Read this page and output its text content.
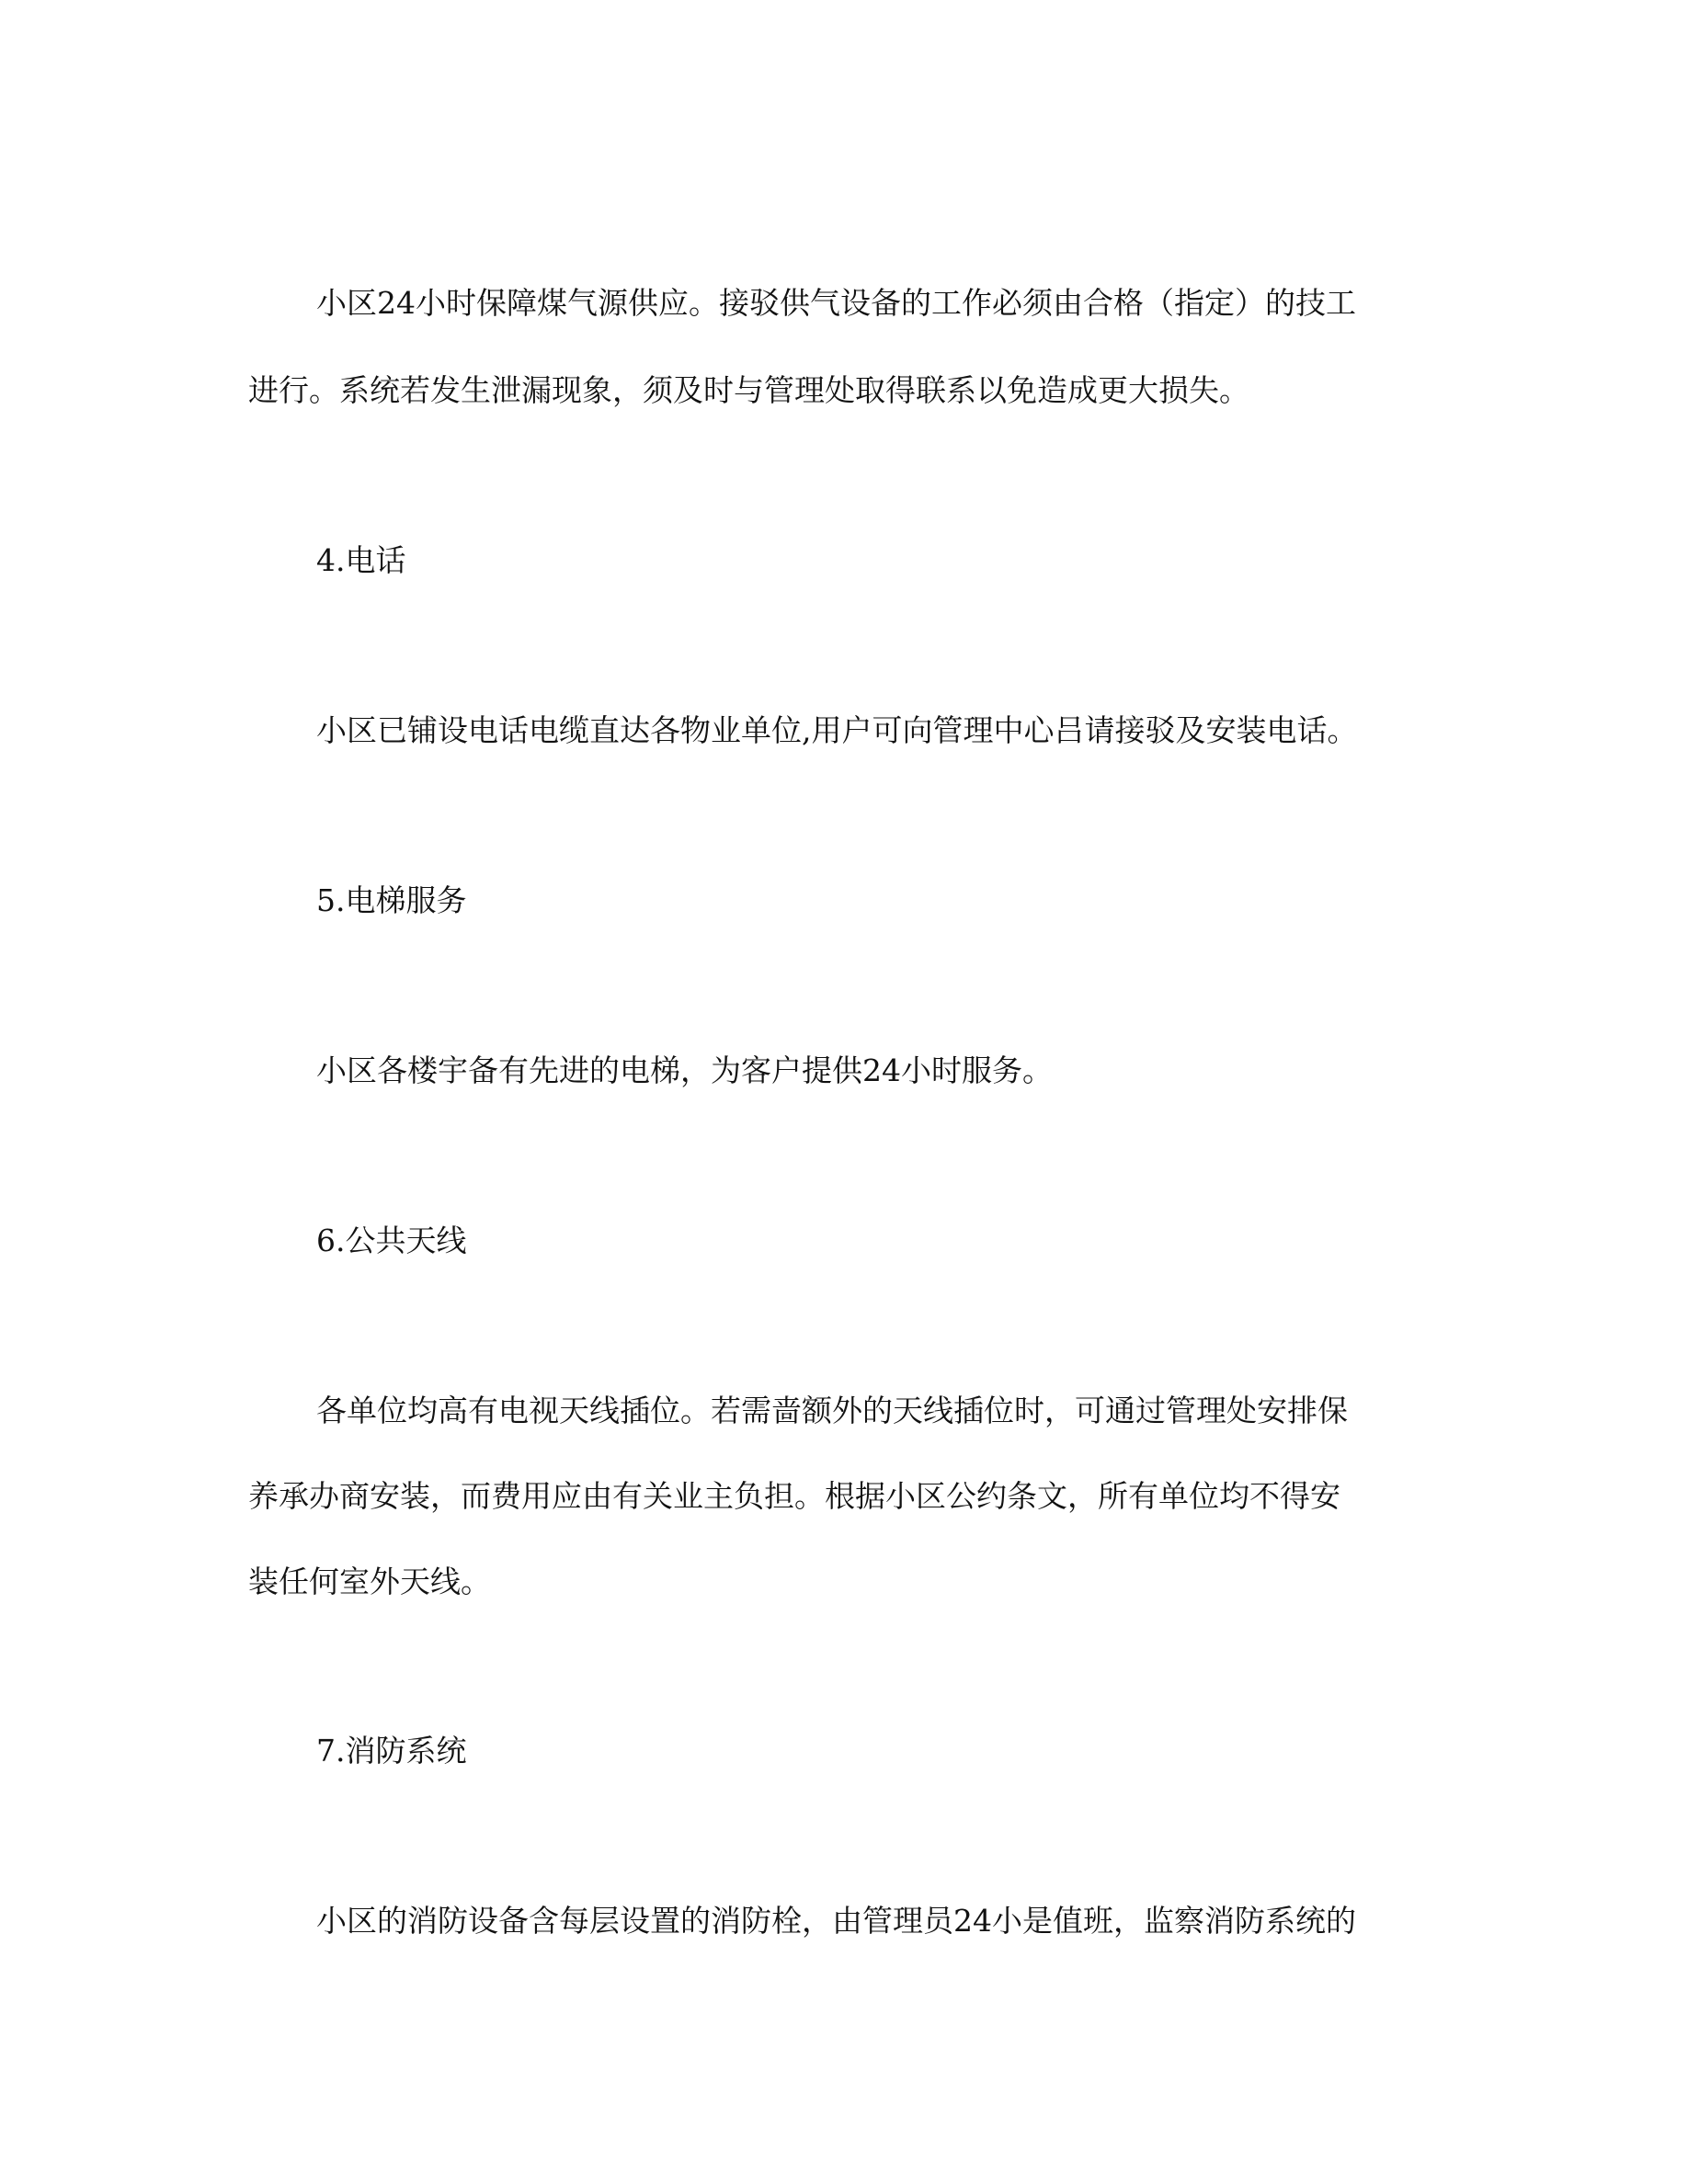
小区24小时保障煤气源供应。接驳供气设备的工作必须由合格（指定）的技工

进行。系统若发生泄漏现象，须及时与管理处取得联系以免造成更大损失。

4.电话

小区已铺设电话电缆直达各物业单位,用户可向管理中心吕请接驳及安装电话。

5.电梯服务

小区各楼宇备有先进的电梯，为客户提供24小时服务。

6.公共天线

各单位均高有电视天线插位。若需啬额外的天线插位时，可通过管理处安排保

养承办商安装，而费用应由有关业主负担。根据小区公约条文，所有单位均不得安

装任何室外天线。

7.消防系统

小区的消防设备含每层设置的消防栓，由管理员24小是值班，监察消防系统的
